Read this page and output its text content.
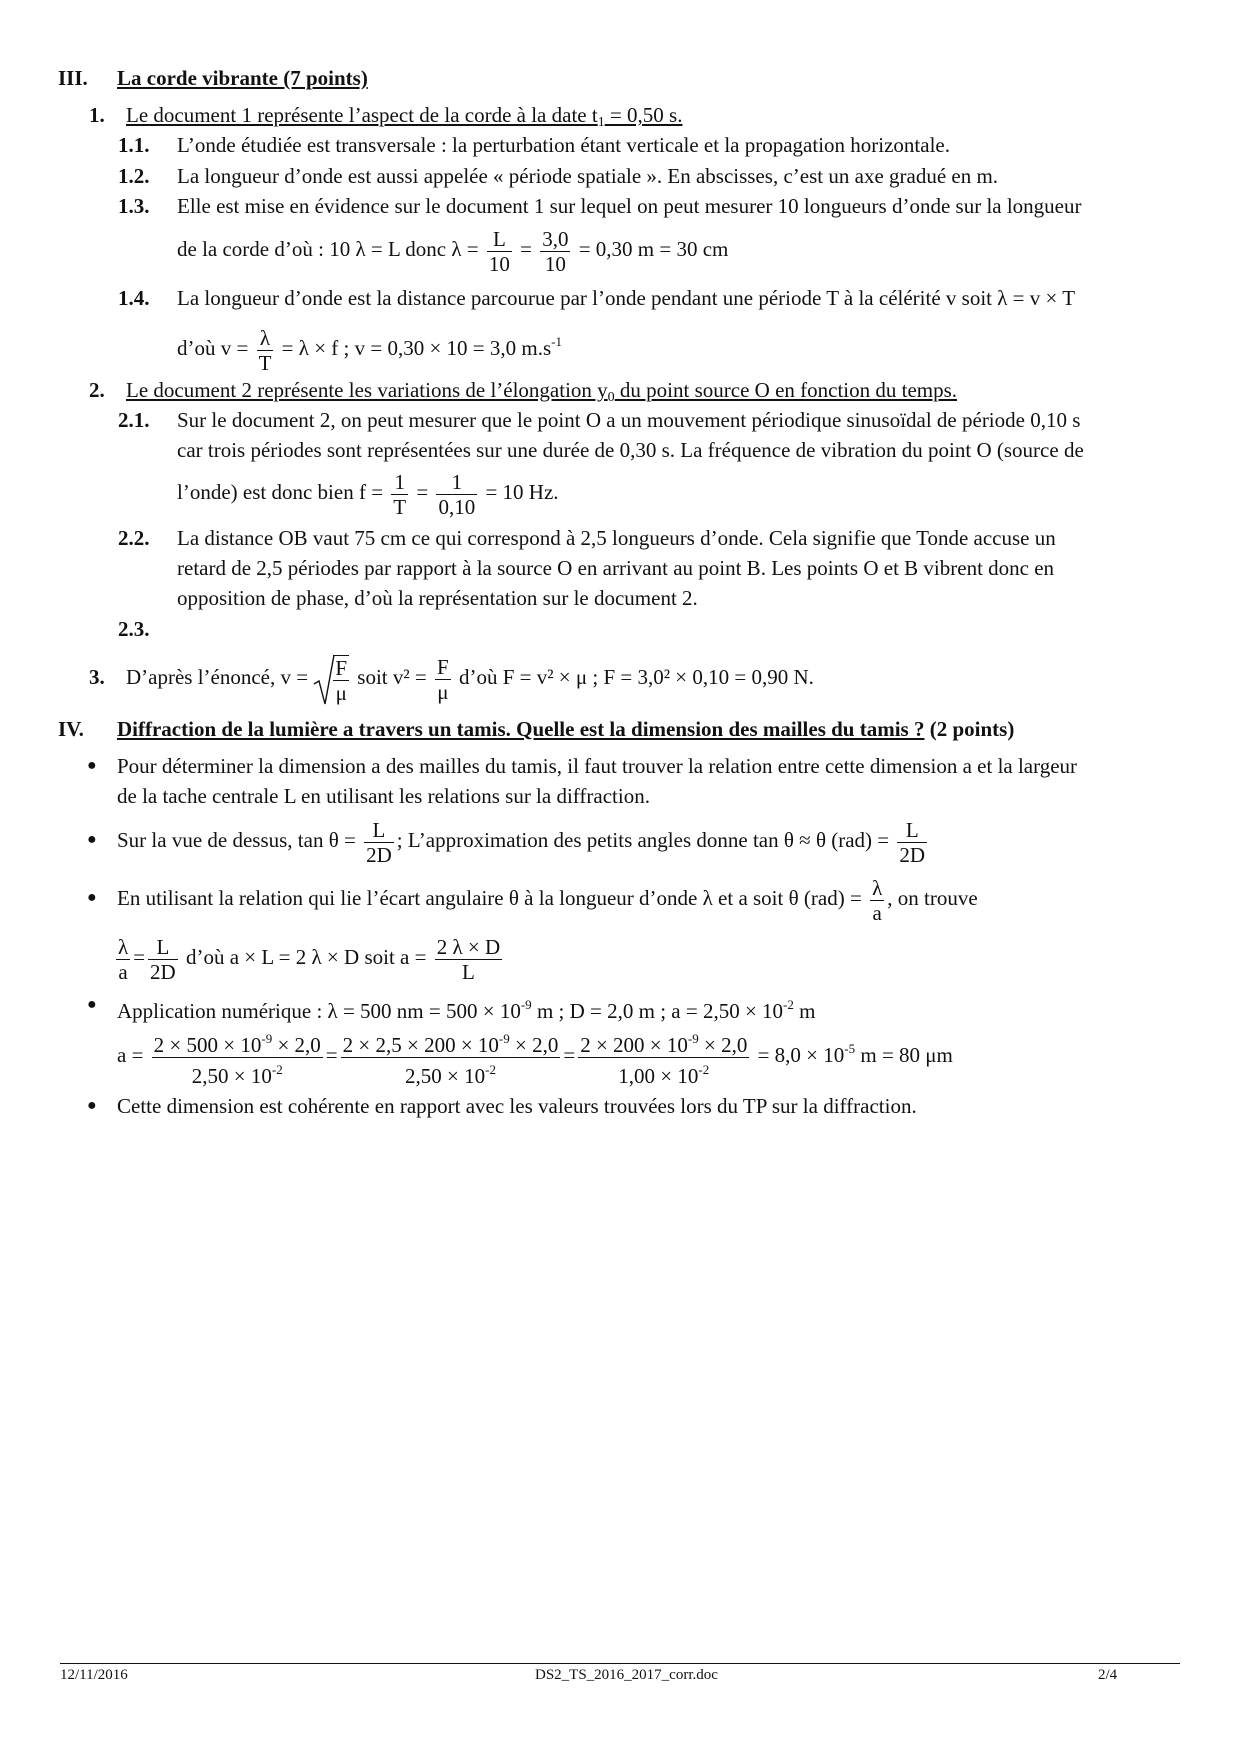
III. La corde vibrante (7 points)
1. Le document 1 représente l’aspect de la corde à la date $t_1 = 0,50$ s.
1.1. L’onde étudiée est transversale : la perturbation étant verticale et la propagation horizontale.
1.2. La longueur d’onde est aussi appelée « période spatiale ». En abscisses, c’est un axe gradué en m.
1.3. Elle est mise en évidence sur le document 1 sur lequel on peut mesurer 10 longueurs d’onde sur la longueur
de la corde d’où : 10 λ = L donc $\lambda = \frac{L}{10} = \frac{3,0}{10} = 0,30$ m = 30 cm
1.4. La longueur d’onde est la distance parcourue par l’onde pendant une période T à la célérité v soit λ = v × T
d’où $v = \frac{\lambda}{T} = \lambda \times f$ ; v = 0,30 × 10 = 3,0 $m.s^{-1}$
2. Le document 2 représente les variations de l’élongation $y_0$ du point source O en fonction du temps.
2.1. Sur le document 2, on peut mesurer que le point O a un mouvement périodique sinusoïdal de période 0,10 s
car trois périodes sont représentées sur une durée de 0,30 s. La fréquence de vibration du point O (source de
l’onde) est donc bien $f = \frac{1}{T} = \frac{1}{0,10} = 10$ Hz.
2.2. La distance OB vaut 75 cm ce qui correspond à 2,5 longueurs d’onde. Cela signifie que Tonde accuse un
retard de 2,5 périodes par rapport à la source O en arrivant au point B. Les points O et B vibrent donc en
opposition de phase, d’où la représentation sur le document 2.
2.3.
3. D’après l’énoncé, $v = \frac{F}{\mu}$ soit $v^2 = \frac{F}{\mu}$ d’où F = v² × μ ; F = 3,0² × 0,10 = 0,90 N.
IV. Diffraction de la lumière a travers un tamis. Quelle est la dimension des mailles du tamis ? (2 points)
● Pour déterminer la dimension a des mailles du tamis, il faut trouver la relation entre cette dimension a et la largeur
de la tache centrale L en utilisant les relations sur la diffraction.
● Sur la vue de dessus, $\tan \theta = \frac{L}{2D}$ ; L’approximation des petits angles donne tan θ ≈ θ $(rad) = \frac{L}{2D}$
● En utilisant la relation qui lie l’écart angulaire θ à la longueur d’onde λ et a soit θ $(rad) = \frac{\lambda}{a}$ , on trouve
$\frac{\lambda}{a} = \frac{L}{2D}$ d’où a × L = 2 λ × D soit $a = \frac{2 \lambda \times D}{L}$
● Application numérique : λ = 500 nm = $500 \times 10^{-9}$ m ; D = 2,0 m ; $a = 2,50 \times 10^{-2}$ m
$a = \frac{2 \times 500 \times 10^{-9} \times 2,0}{2,50 \times 10^{-2}} = \frac{2 \times 2,5 \times 200 \times 10^{-9} \times 2,0}{2,50 \times 10^{-2}} = \frac{2 \times 200 \times 10^{-9} \times 2,0}{1,00 \times 10^{-2}} = 8,0 \times 10^{-5}$ m = 80 μm
● Cette dimension est cohérente en rapport avec les valeurs trouvées lors du TP sur la diffraction.
12/11/2016	DS2_TS_2016_2017_corr.doc	2/4
